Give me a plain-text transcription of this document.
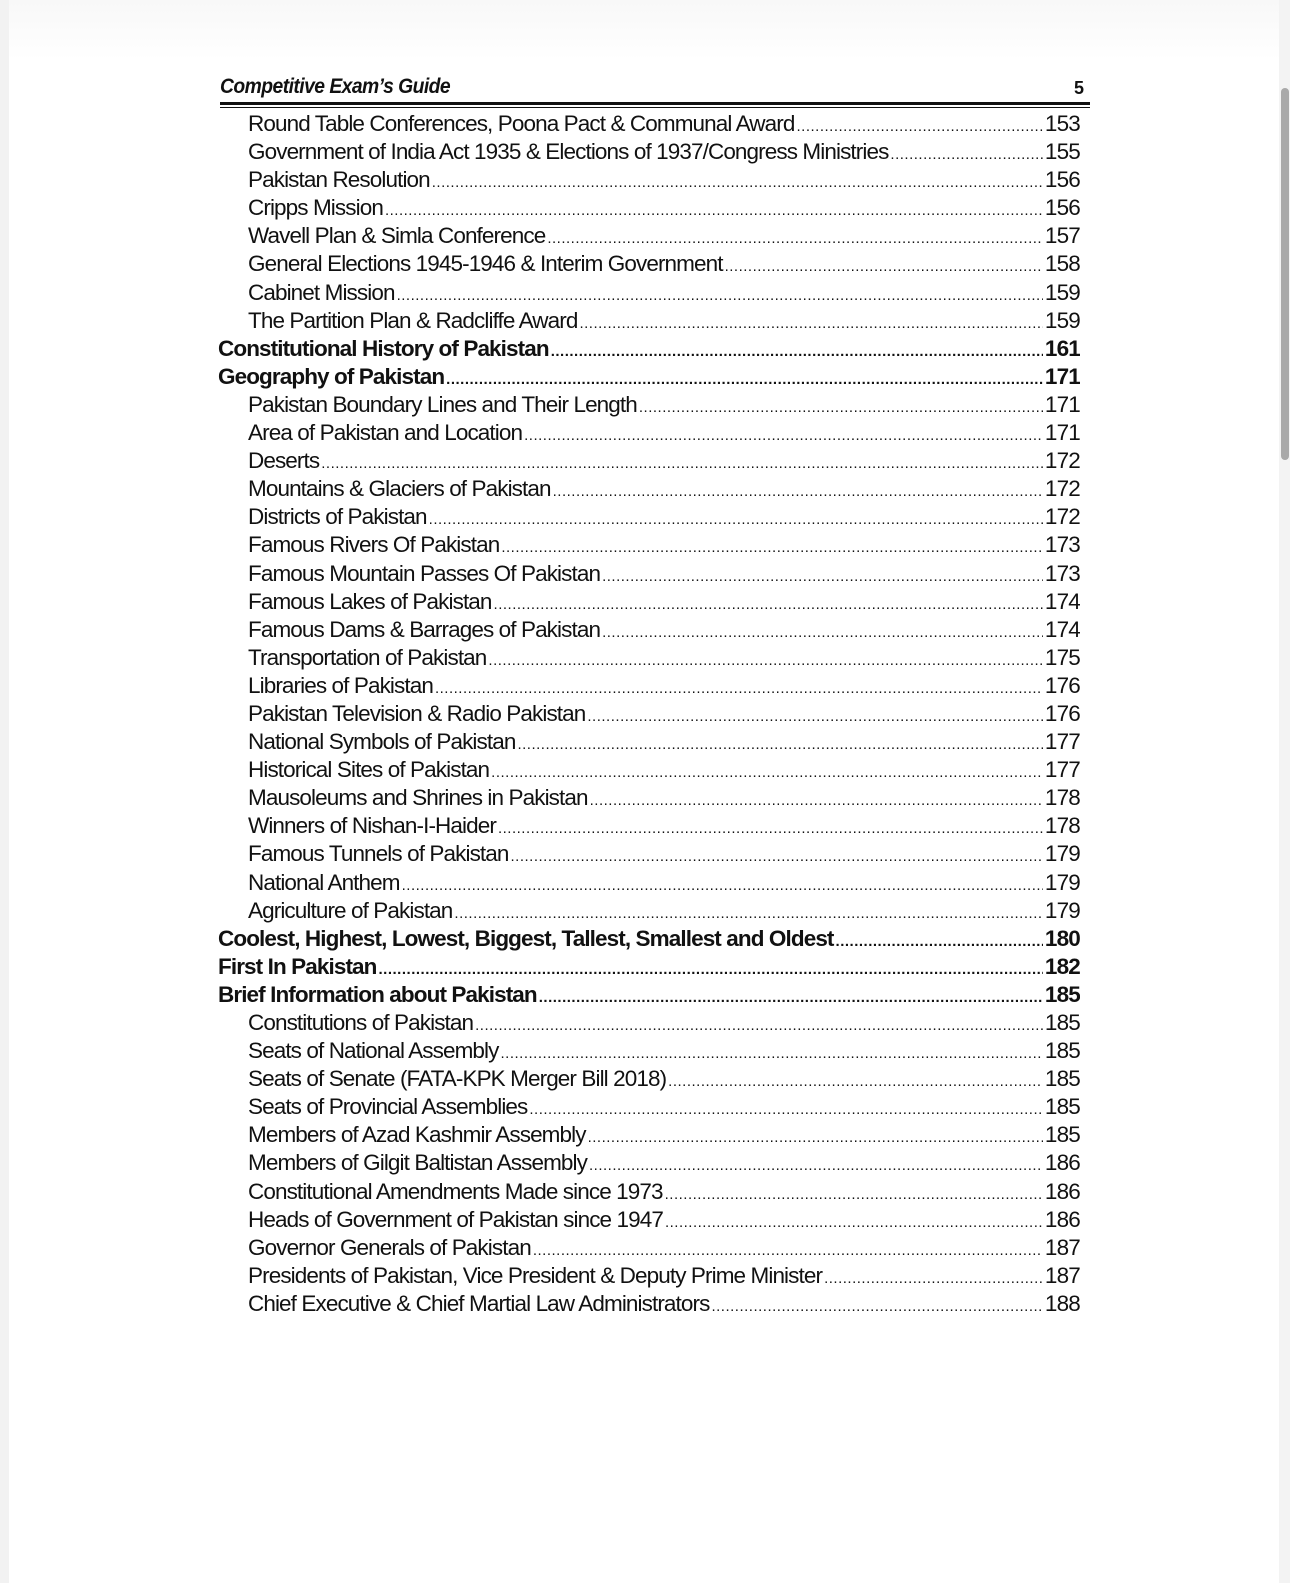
Competitive Exam’s Guide	5
Round Table Conferences, Poona Pact & Communal Award .....	153
Government of India Act 1935 & Elections of 1937/Congress Ministries .....	155
Pakistan Resolution .....	156
Cripps Mission .....	156
Wavell Plan & Simla Conference .....	157
General Elections 1945-1946 & Interim Government .....	158
Cabinet Mission .....	159
The Partition Plan & Radcliffe Award .....	159
Constitutional History of Pakistan .....	161
Geography of Pakistan .....	171
Pakistan Boundary Lines and Their Length .....	171
Area of Pakistan and Location .....	171
Deserts .....	172
Mountains & Glaciers of Pakistan .....	172
Districts of Pakistan .....	172
Famous Rivers Of Pakistan .....	173
Famous Mountain Passes Of Pakistan .....	173
Famous Lakes of Pakistan .....	174
Famous Dams & Barrages of Pakistan .....	174
Transportation of Pakistan .....	175
Libraries of Pakistan .....	176
Pakistan Television & Radio Pakistan .....	176
National Symbols of Pakistan .....	177
Historical Sites of Pakistan .....	177
Mausoleums and Shrines in Pakistan .....	178
Winners of Nishan-I-Haider .....	178
Famous Tunnels of Pakistan .....	179
National Anthem .....	179
Agriculture of Pakistan .....	179
Coolest, Highest, Lowest, Biggest, Tallest, Smallest and Oldest .....	180
First In Pakistan .....	182
Brief Information about Pakistan .....	185
Constitutions of Pakistan .....	185
Seats of National Assembly .....	185
Seats of Senate (FATA-KPK Merger Bill 2018) .....	185
Seats of Provincial Assemblies .....	185
Members of Azad Kashmir Assembly .....	185
Members of Gilgit Baltistan Assembly .....	186
Constitutional Amendments Made since 1973 .....	186
Heads of Government of Pakistan since 1947 .....	186
Governor Generals of Pakistan .....	187
Presidents of Pakistan, Vice President & Deputy Prime Minister .....	187
Chief Executive & Chief Martial Law Administrators .....	188
